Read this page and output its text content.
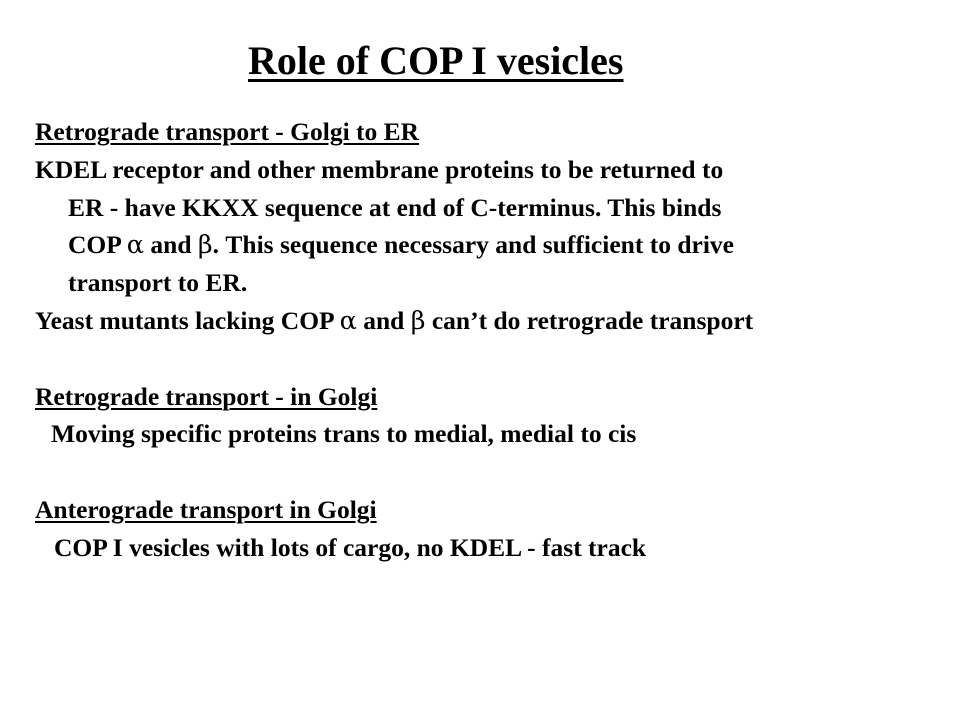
Role of COP I vesicles
Retrograde transport - Golgi to ER
KDEL receptor and other membrane proteins to be returned to
ER - have KKXX sequence at end of C-terminus. This binds
COP α and β. This sequence necessary and sufficient to drive
transport to ER.
Yeast mutants lacking COP α and β can’t do retrograde transport
Retrograde transport - in Golgi
Moving specific proteins trans to medial, medial to cis
Anterograde transport in Golgi
COP I vesicles with lots of cargo, no KDEL - fast track
